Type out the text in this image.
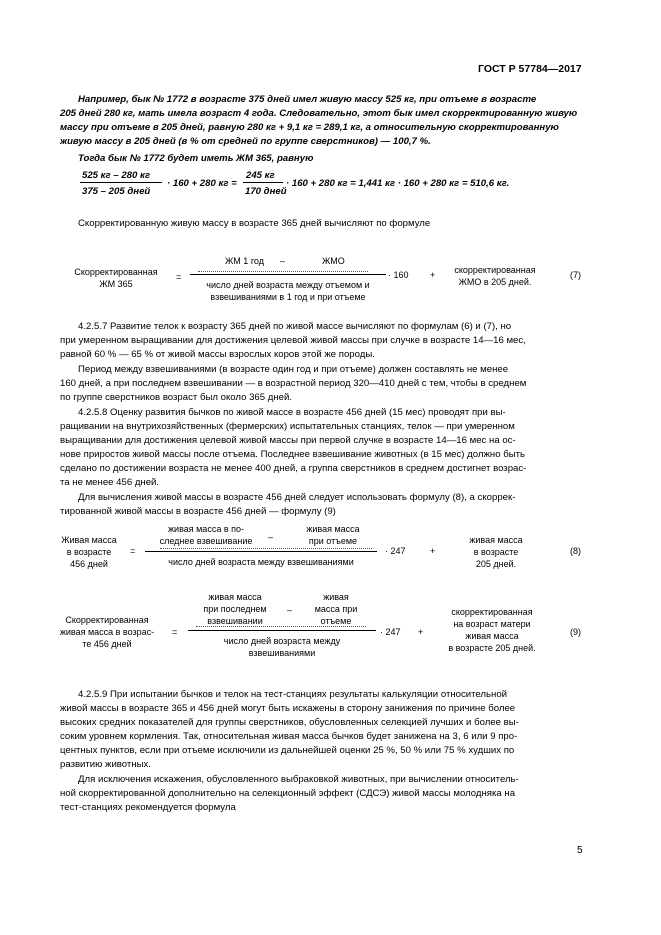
ГОСТ Р 57784—2017
Например, бык № 1772 в возрасте 375 дней имел живую массу 525 кг, при отъеме в возрасте
205 дней 280 кг, мать имела возраст 4 года. Следовательно, этот бык имел скорректированную живую
массу при отъеме в 205 дней, равную 280 кг + 9,1 кг = 289,1 кг, а относительную скорректированную
живую массу в 205 дней (в % от средней по группе сверстников) — 100,7 %.
Тогда бык № 1772 будет иметь ЖМ 365, равную
525 кг – 280 кг
375 – 205 дней
· 160 + 280 кг =
245 кг
170 дней
· 160 + 280 кг = 1,441 кг · 160 + 280 кг = 510,6 кг.
Скорректированную живую массу в возрасте 365 дней вычисляют по формуле
Скорректированная
ЖМ 365
=
ЖМ 1 год –	ЖМО
число дней возраста между отъемом и
взвешиваниями в 1 год и при отъеме
· 160 +	скорректированная
ЖМО в 205 дней.
(7)
4.2.5.7 Развитие телок к возрасту 365 дней по живой массе вычисляют по формулам (6) и (7), но
при умеренном выращивании для достижения целевой живой массы при случке в возрасте 14—16 мес,
равной 60 % — 65 % от живой массы взрослых коров этой же породы.
Период между взвешиваниями (в возрасте один год и при отъеме) должен составлять не менее
160 дней, а при последнем взвешивании — в возрастной период 320—410 дней с тем, чтобы в среднем
по группе сверстников возраст был около 365 дней.
4.2.5.8 Оценку развития бычков по живой массе в возрасте 456 дней (15 мес) проводят при вы-
ращивании на внутрихозяйственных (фермерских) испытательных станциях, телок — при умеренном
выращивании для достижения целевой живой массы при первой случке в возрасте 14—16 мес на ос-
нове приростов живой массы после отъема. Последнее взвешивание животных (в 15 мес) должно быть
сделано по достижении возраста не менее 400 дней, а группа сверстников в среднем достигнет возрас-
та не менее 456 дней.
Для вычисления живой массы в возрасте 456 дней следует использовать формулу (8), а скоррек-
тированной живой массы в возрасте 456 дней — формулу (9)
Живая масса
в возрасте
456 дней
=
живая масса в по-
следнее взвешивание	–
живая масса
при отъеме
число дней возраста между взвешиваниями
· 247	+
живая масса
в возрасте
205 дней.
(8)
Скорректированная
живая масса в возрас-
те 456 дней
=
живая масса
при последнем
взвешивании
–
живая
масса при
отъеме
число дней возраста между
взвешиваниями
· 247 +
скорректированная
на возраст матери
живая масса
в возрасте 205 дней.
(9)
4.2.5.9 При испытании бычков и телок на тест-станциях результаты калькуляции относительной
живой массы в возрасте 365 и 456 дней могут быть искажены в сторону занижения по причине более
высоких средних показателей для группы сверстников, обусловленных селекцией лучших и более вы-
соким уровнем кормления. Так, относительная живая масса бычков будет занижена на 3, 6 или 9 про-
центных пунктов, если при отъеме исключили из дальнейшей оценки 25 %, 50 % или 75 % худших по
развитию животных.
Для исключения искажения, обусловленного выбраковкой животных, при вычислении относитель-
ной скорректированной дополнительно на селекционный эффект (СДСЭ) живой массы молодняка на
тест-станциях рекомендуется формула
5
